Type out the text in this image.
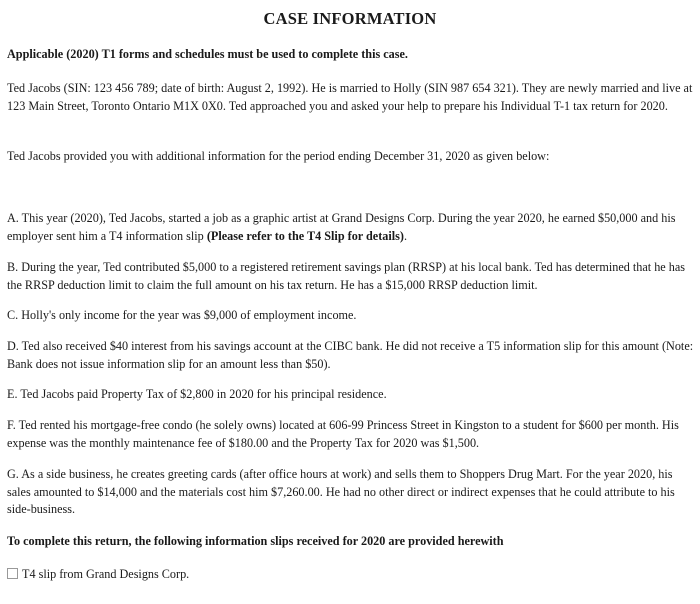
CASE INFORMATION

Applicable (2020) T1 forms and schedules must be used to complete this case.

Ted Jacobs (SIN: 123 456 789; date of birth: August 2, 1992). He is married to Holly (SIN 987 654 321). They are newly married and live at 123 Main Street, Toronto Ontario M1X 0X0. Ted approached you and asked your help to prepare his Individual T-1 tax return for 2020.

Ted Jacobs provided you with additional information for the period ending December 31, 2020 as given below:

A. This year (2020), Ted Jacobs, started a job as a graphic artist at Grand Designs Corp. During the year 2020, he earned $50,000 and his employer sent him a T4 information slip (Please refer to the T4 Slip for details).

B. During the year, Ted contributed $5,000 to a registered retirement savings plan (RRSP) at his local bank. Ted has determined that he has the RRSP deduction limit to claim the full amount on his tax return. He has a $15,000 RRSP deduction limit.

C. Holly's only income for the year was $9,000 of employment income.

D. Ted also received $40 interest from his savings account at the CIBC bank. He did not receive a T5 information slip for this amount (Note: Bank does not issue information slip for an amount less than $50).

E. Ted Jacobs paid Property Tax of $2,800 in 2020 for his principal residence.

F. Ted rented his mortgage-free condo (he solely owns) located at 606-99 Princess Street in Kingston to a student for $600 per month. His expense was the monthly maintenance fee of $180.00 and the Property Tax for 2020 was $1,500.

G. As a side business, he creates greeting cards (after office hours at work) and sells them to Shoppers Drug Mart. For the year 2020, his sales amounted to $14,000 and the materials cost him $7,260.00. He had no other direct or indirect expenses that he could attribute to his side-business.

To complete this return, the following information slips received for 2020 are provided herewith

T4 slip from Grand Designs Corp.
